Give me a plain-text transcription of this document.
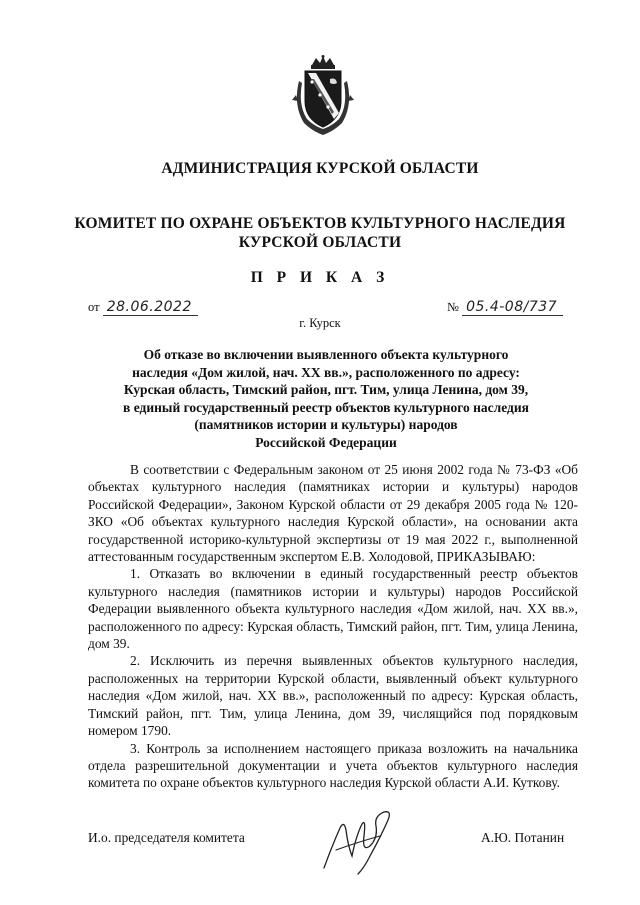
АДМИНИСТРАЦИЯ КУРСКОЙ ОБЛАСТИ
КОМИТЕТ ПО ОХРАНЕ ОБЪЕКТОВ КУЛЬТУРНОГО НАСЛЕДИЯ
КУРСКОЙ ОБЛАСТИ
П Р И К А З
от 28.06.2022	№ 05.4-08/737
г. Курск
Об отказе во включении выявленного объекта культурного
наследия «Дом жилой, нач. XX вв.», расположенного по адресу:
Курская область, Тимский район, пгт. Тим, улица Ленина, дом 39,
в единый государственный реестр объектов культурного наследия
(памятников истории и культуры) народов
Российской Федерации

В соответствии с Федеральным законом от 25 июня 2002 года № 73-ФЗ «Об объектах культурного наследия (памятниках истории и культуры) народов Российской Федерации», Законом Курской области от 29 декабря 2005 года № 120-ЗКО «Об объектах культурного наследия Курской области», на основании акта государственной историко-культурной экспертизы от 19 мая 2022 г., выполненной аттестованным государственным экспертом Е.В. Холодовой, ПРИКАЗЫВАЮ:

1. Отказать во включении в единый государственный реестр объектов культурного наследия (памятников истории и культуры) народов Российской Федерации выявленного объекта культурного наследия «Дом жилой, нач. XX вв.», расположенного по адресу: Курская область, Тимский район, пгт. Тим, улица Ленина, дом 39.

2. Исключить из перечня выявленных объектов культурного наследия, расположенных на территории Курской области, выявленный объект культурного наследия «Дом жилой, нач. XX вв.», расположенный по адресу: Курская область, Тимский район, пгт. Тим, улица Ленина, дом 39, числящийся под порядковым номером 1790.

3. Контроль за исполнением настоящего приказа возложить на начальника отдела разрешительной документации и учета объектов культурного наследия комитета по охране объектов культурного наследия Курской области А.И. Куткову.

И.о. председателя комитета	А.Ю. Потанин
